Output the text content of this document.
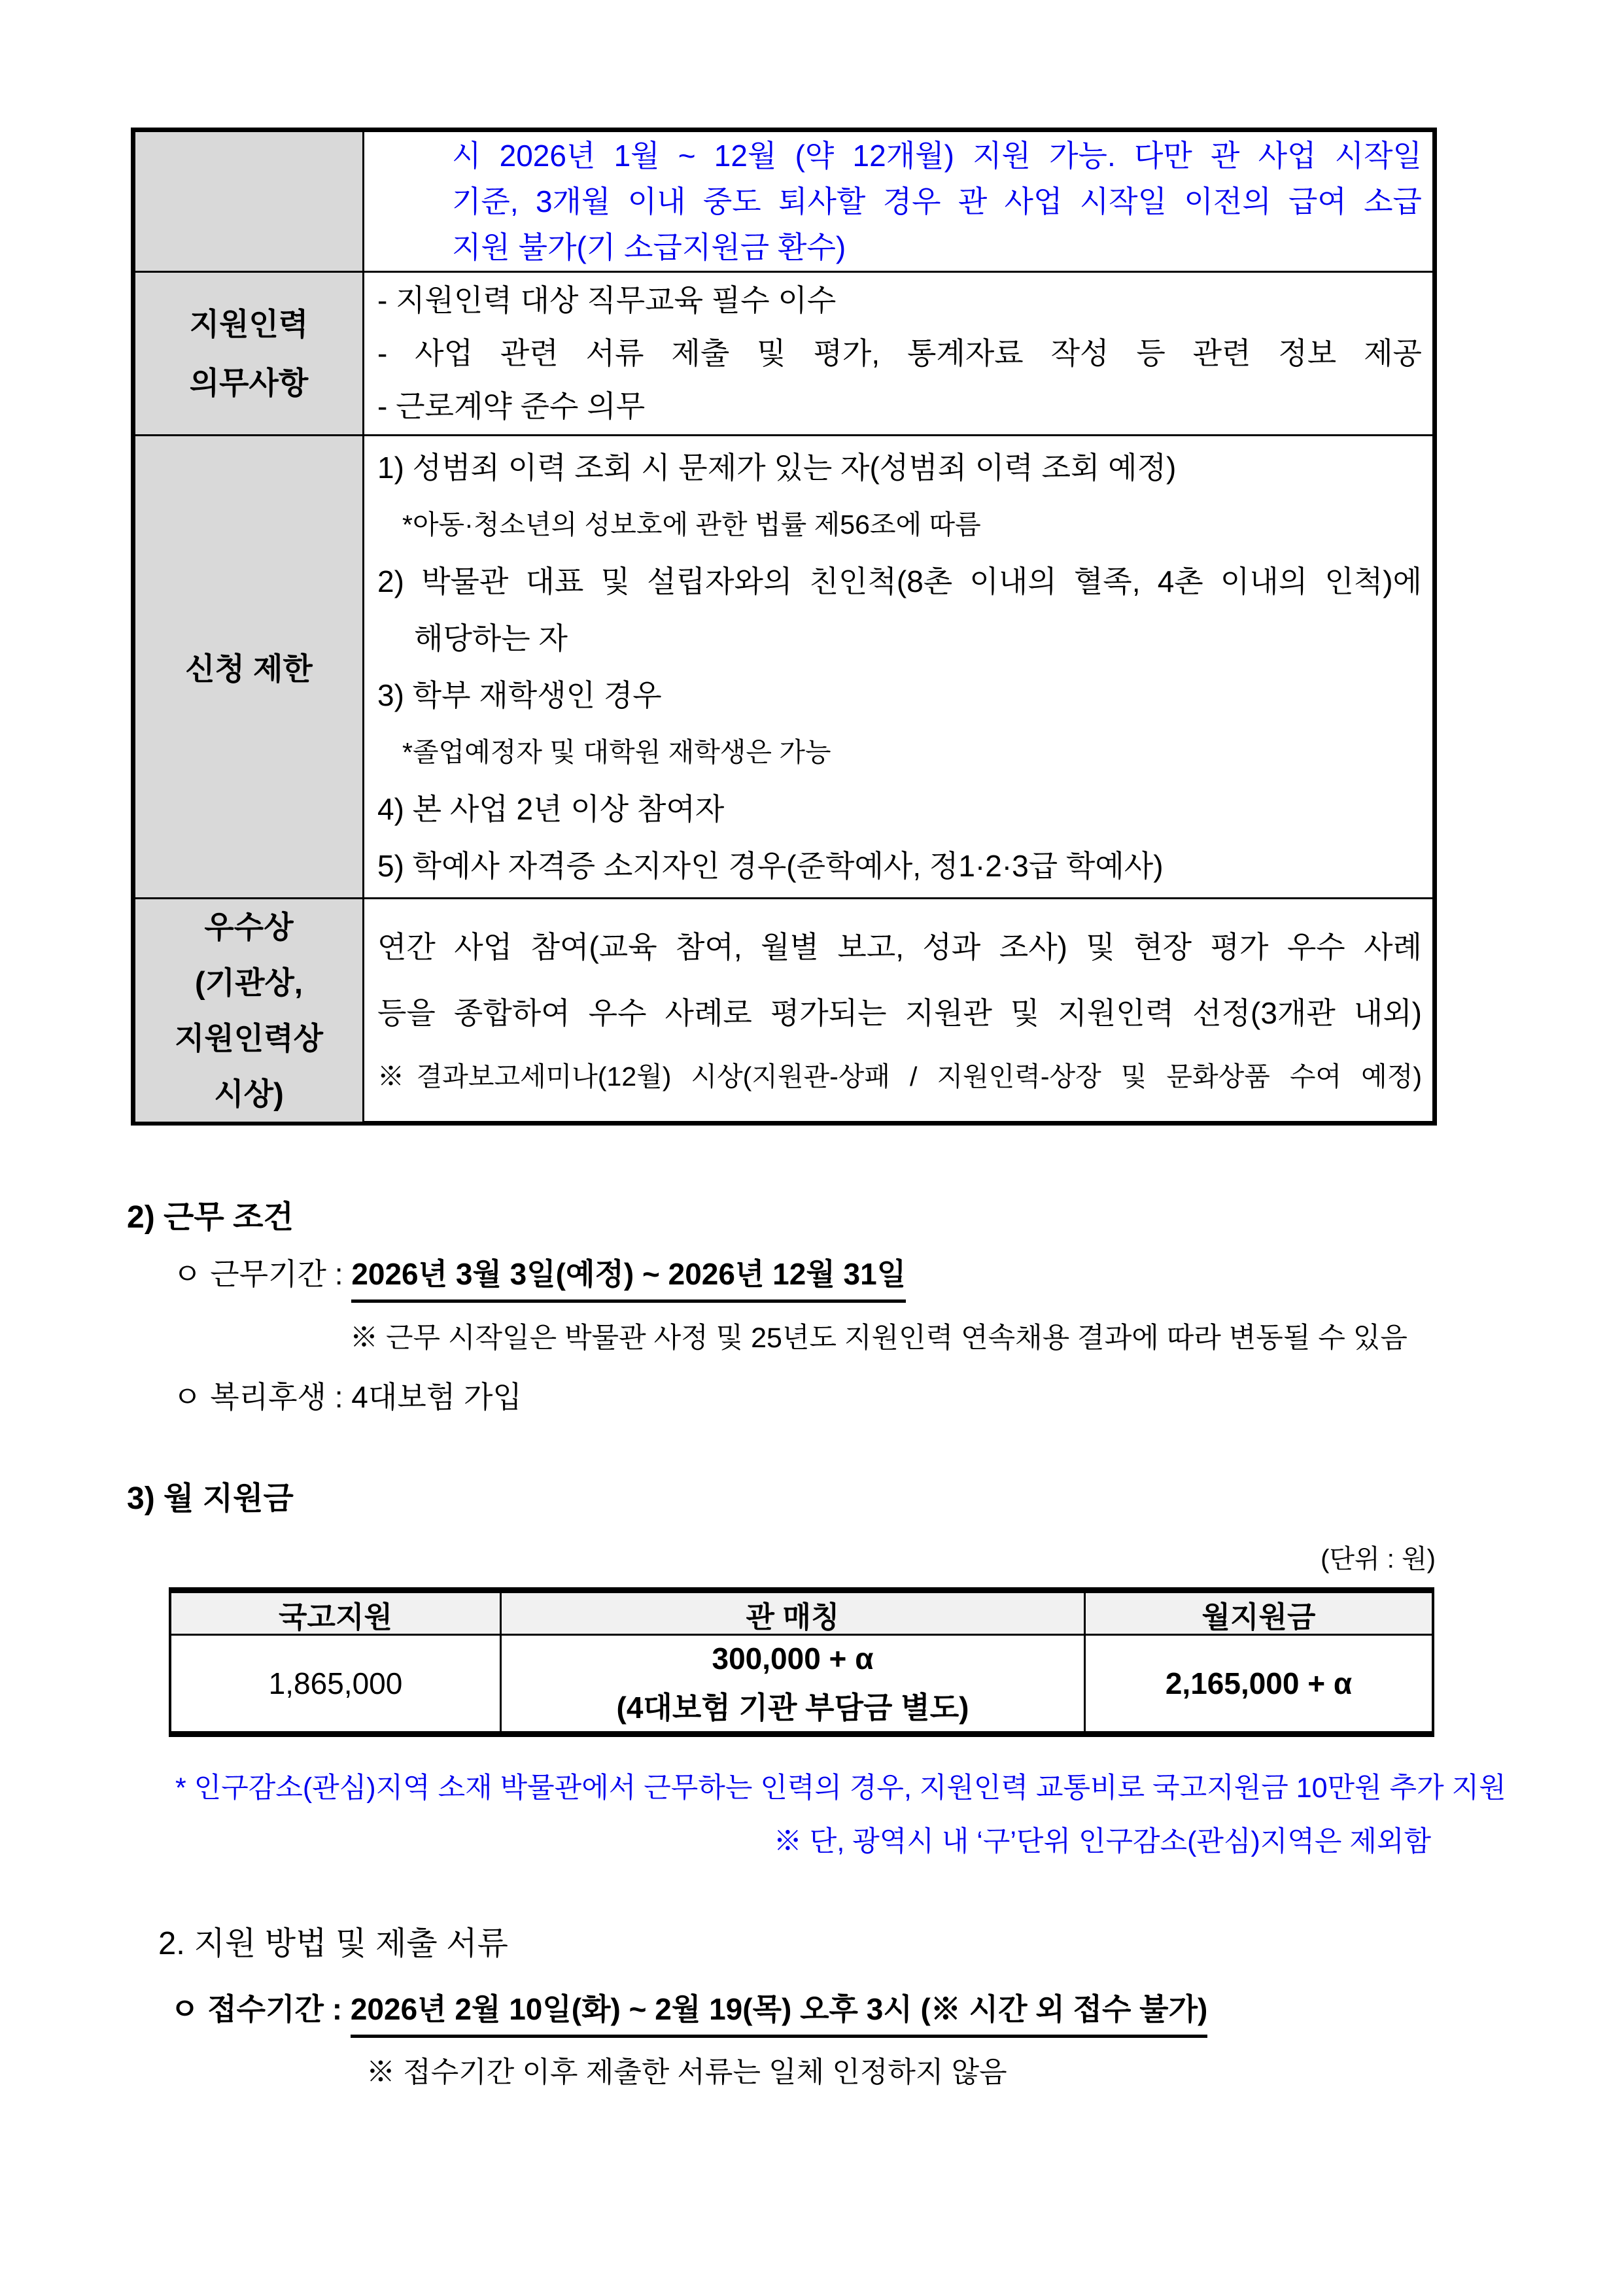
시 2026년 1월 ~ 12월 (약 12개월) 지원 가능. 다만 관 사업 시작일
기준, 3개월 이내 중도 퇴사할 경우 관 사업 시작일 이전의 급여 소급
지원 불가(기 소급지원금 환수)
지원인력
의무사항
- 지원인력 대상 직무교육 필수 이수
- 사업 관련 서류 제출 및 평가, 통계자료 작성 등 관련 정보 제공
- 근로계약 준수 의무
신청 제한
1) 성범죄 이력 조회 시 문제가 있는 자(성범죄 이력 조회 예정)
*아동·청소년의 성보호에 관한 법률 제56조에 따름
2) 박물관 대표 및 설립자와의 친인척(8촌 이내의 혈족, 4촌 이내의 인척)에
해당하는 자
3) 학부 재학생인 경우
*졸업예정자 및 대학원 재학생은 가능
4) 본 사업 2년 이상 참여자
5) 학예사 자격증 소지자인 경우(준학예사, 정1·2·3급 학예사)
우수상
(기관상,
지원인력상
시상)
연간 사업 참여(교육 참여, 월별 보고, 성과 조사) 및 현장 평가 우수 사례
등을 종합하여 우수 사례로 평가되는 지원관 및 지원인력 선정(3개관 내외)
※결과보고세미나(12월) 시상(지원관-상패 / 지원인력-상장 및 문화상품 수여 예정)
2) 근무 조건
ㅇ 근무기간 : 2026년 3월 3일(예정) ~ 2026년 12월 31일
※ 근무 시작일은 박물관 사정 및 25년도 지원인력 연속채용 결과에 따라 변동될 수 있음
ㅇ 복리후생 : 4대보험 가입
3) 월 지원금
(단위 : 원)
국고지원	관 매칭	월지원금
1,865,000
300,000 + α
(4대보험 기관 부담금 별도)
2,165,000 + α
* 인구감소(관심)지역 소재 박물관에서 근무하는 인력의 경우, 지원인력 교통비로 국고지원금 10만원 추가 지원
※ 단, 광역시 내 ‘구’단위 인구감소(관심)지역은 제외함
2. 지원 방법 및 제출 서류
ㅇ 접수기간 : 2026년 2월 10일(화) ~ 2월 19(목) 오후 3시 (※ 시간 외 접수 불가)
※ 접수기간 이후 제출한 서류는 일체 인정하지 않음
